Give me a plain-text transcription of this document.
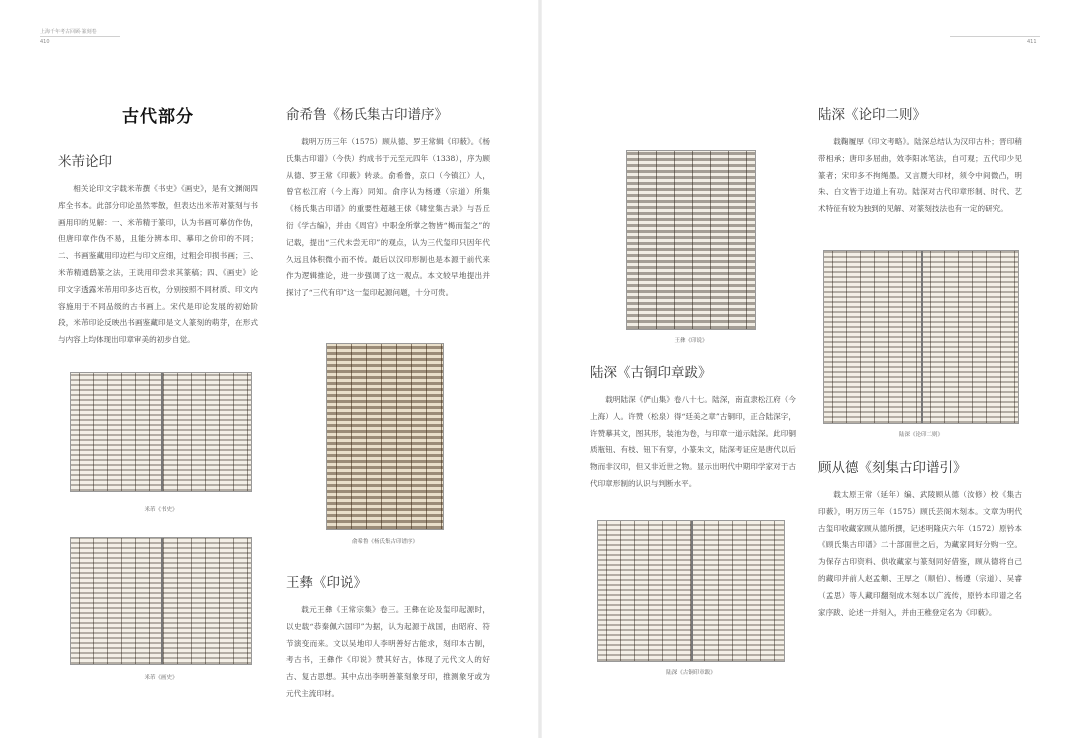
上海千年考古回顾·篆刻卷
410	411
古代部分
米芾论印

相关论印文字载米芾撰《书史》《画史》，是有文渊阁四库全书本。此部分印论虽然零散，但表达出米芾对篆刻与书画用印的见解：一、米芾精于篆印，认为书画可摹仿作伪，但唐印章作伪不易，且能分辨本印、摹印之价印的不同；二、书画鉴藏用印边栏与印文应细，过粗会印损书画；三、米芾精通鸱篆之法，王诜用印尝求其篆稿；四、《画史》论印文字透露米芾用印多达百枚，分别按照不同材质、印文内容施用于不同品级的古书画上。宋代是印论发展的初始阶段，米芾印论反映出书画鉴藏印是文人篆刻的萌芽，在形式与内容上均体现出印章审美的初步自觉。

米芾《书史》
米芾《画史》
俞希鲁《杨氏集古印谱序》

载明万历三年（1575）顾从德、罗王常辑《印薮》。《杨氏集古印谱》（今佚）约成书于元至元四年（1338），序为顾从德、罗王常《印薮》转录。俞希鲁，京口（今镇江）人，曾官松江府（今上海）同知。俞序认为杨遵（宗道）所集《杨氏集古印谱》的重要性超越王俅《啸堂集古录》与吾丘衍《学古编》，并由《周官》中职金所掌之物皆“楬而玺之”的记载，提出“三代未尝无印”的观点，认为三代玺印只因年代久远且体积微小而不传。最后以汉印形制也是本源于前代来作为逻辑推论，进一步强调了这一观点。本文较早地提出并探讨了“三代有印”这一玺印起源问题，十分可贵。

俞希鲁《杨氏集古印谱序》
王彝《印说》

载元王彝《王常宗集》卷三。王彝在论及玺印起源时，以史载“恭秦佩六国印”为据，认为起源于战国，由昭府、符节演变而来。文以吴地印人李明善好古能求，刻印本古制，考古书，王彝作《印说》赞其好古，体现了元代文人的好古、复古思想。其中点出李明善篆刻象牙印，推测象牙或为元代主流印材。

王彝《印说》
陆深《古铜印章跋》

载明陆深《俨山集》卷八十七。陆深，南直隶松江府（今上海）人。许赞（松泉）得“廷美之章”古铜印，正合陆深字，许赞摹其文，图其形，装池为卷，与印章一道示陆深。此印铜质瓶钮、有枝、钮下有穿，小篆朱文，陆深考证应是唐代以后物而非汉印，但又非近世之物。显示出明代中期印学家对于古代印章形制的认识与判断水平。

陆深《古铜印章跋》
陆深《论印二则》

载鞠履厚《印文考略》。陆深总结认为汉印古朴；晋印稍带相承；唐印多屈曲，效李阳冰笔法，自可观；五代印少见篆者；宋印多不拘绳墨。又言赝大印材，须令中间微凸，明朱、白文皆于边道上有功。陆深对古代印章形制、时代、艺术特征有较为独到的见解、对篆刻技法也有一定的研究。

陆深《论印二则》
顾从德《刻集古印谱引》

载太原王常（延年）编、武陵顾从德（汝修）校《集古印薮》，明万历三年（1575）顾氏芸阁木刻本。文章为明代古玺印收藏家顾从德所撰，记述明隆庆六年（1572）原钤本《顾氏集古印谱》二十部面世之后，为藏家同好分购一空。为保存古印资料、供收藏家与篆刻同好借鉴，顾从德将自己的藏印并前人赵孟頫、王厚之（顺伯）、杨遵（宗道）、吴睿（孟思）等人藏印翻刻成木刻本以广流传，原钤本印谱之名家序跋、论述一并刻入，并由王稚登定名为《印薮》。
